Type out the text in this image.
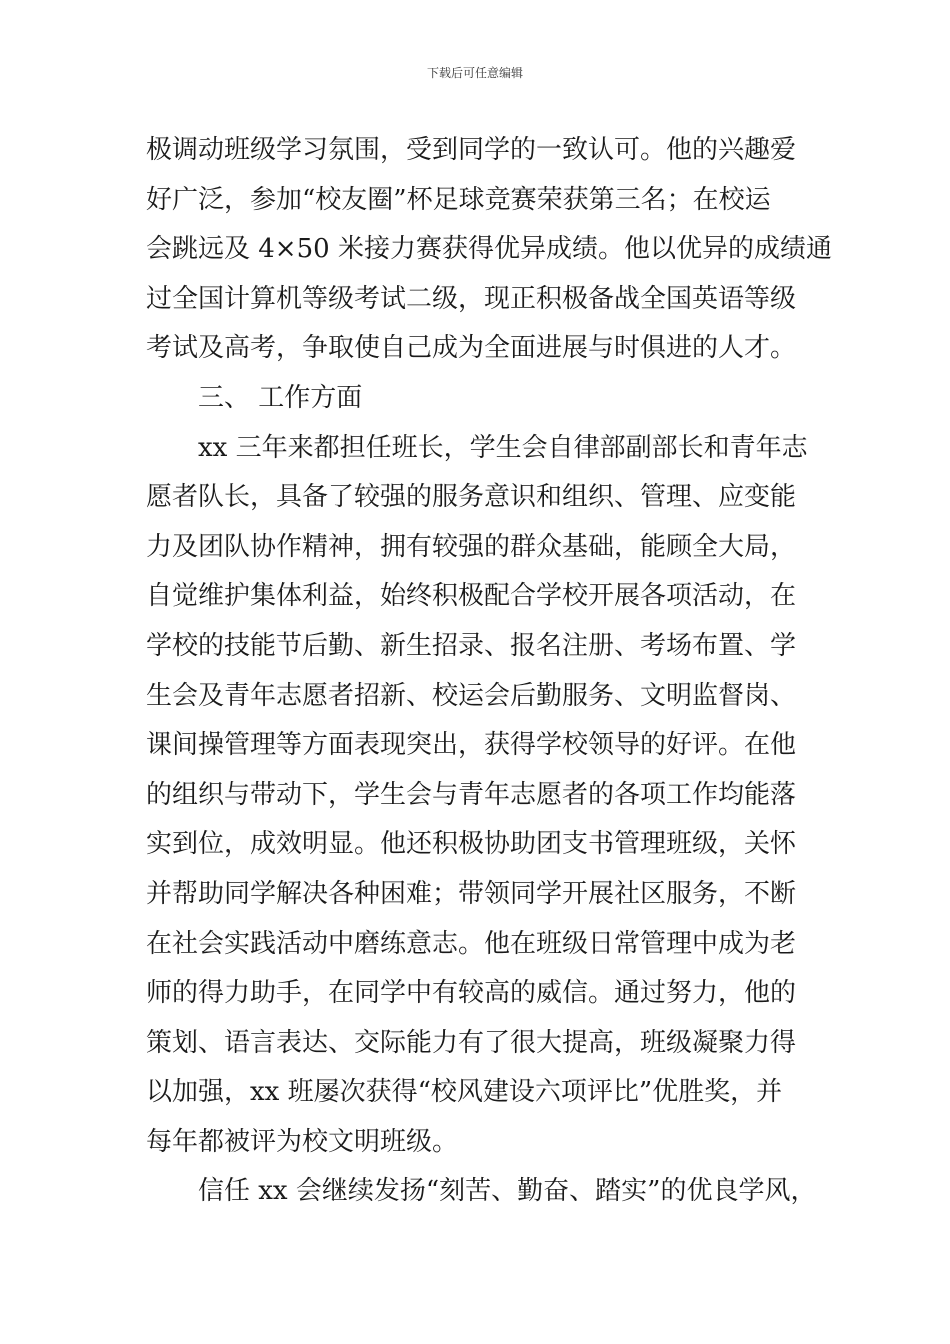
下载后可任意编辑
极调动班级学习氛围，受到同学的一致认可。他的兴趣爱
好广泛，参加“校友圈”杯足球竞赛荣获第三名；在校运
会跳远及 4×50 米接力赛获得优异成绩。他以优异的成绩通
过全国计算机等级考试二级，现正积极备战全国英语等级
考试及高考，争取使自己成为全面进展与时俱进的人才。
三、 工作方面
xx 三年来都担任班长，学生会自律部副部长和青年志
愿者队长，具备了较强的服务意识和组织、管理、应变能
力及团队协作精神，拥有较强的群众基础，能顾全大局，
自觉维护集体利益，始终积极配合学校开展各项活动，在
学校的技能节后勤、新生招录、报名注册、考场布置、学
生会及青年志愿者招新、校运会后勤服务、文明监督岗、
课间操管理等方面表现突出，获得学校领导的好评。在他
的组织与带动下，学生会与青年志愿者的各项工作均能落
实到位，成效明显。他还积极协助团支书管理班级，关怀
并帮助同学解决各种困难；带领同学开展社区服务，不断
在社会实践活动中磨练意志。他在班级日常管理中成为老
师的得力助手，在同学中有较高的威信。通过努力，他的
策划、语言表达、交际能力有了很大提高，班级凝聚力得
以加强，xx 班屡次获得“校风建设六项评比”优胜奖，并
每年都被评为校文明班级。
信任 xx 会继续发扬“刻苦、勤奋、踏实”的优良学风，
